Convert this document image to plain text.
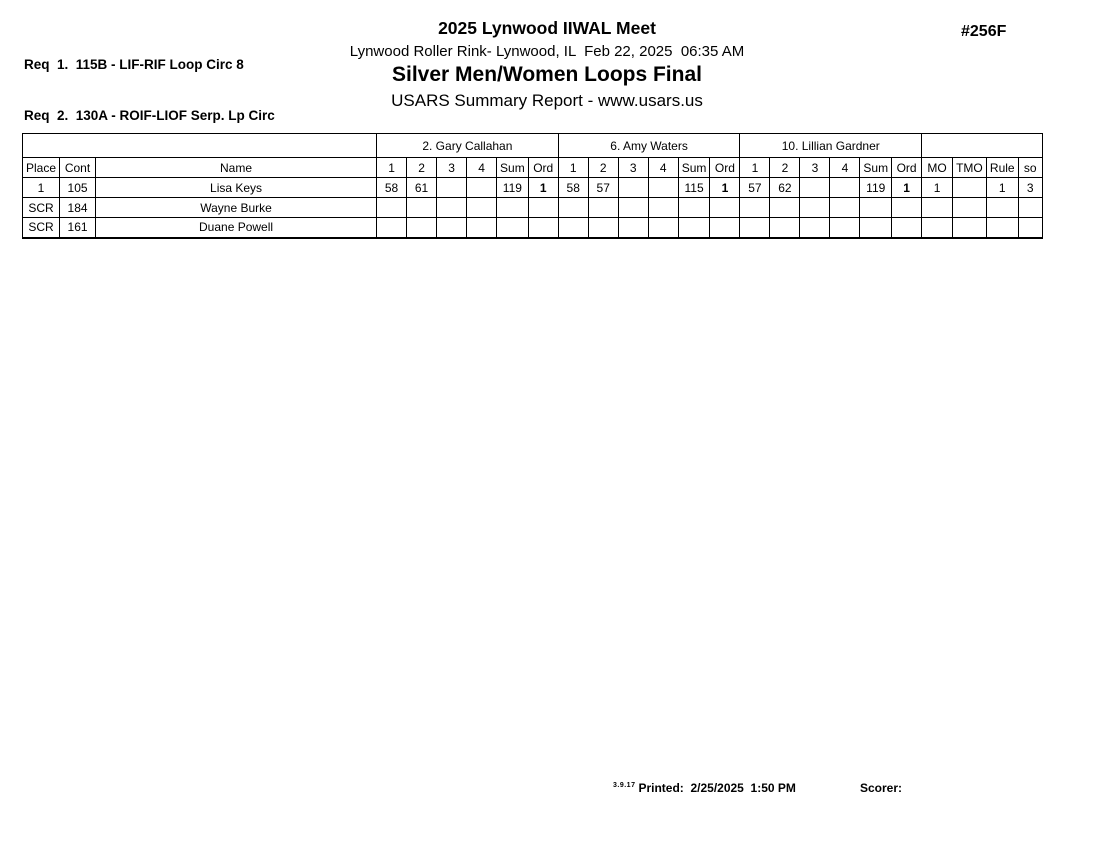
Req  1.  115B - LIF-RIF Loop Circ 8

Req  2.  130A - ROIF-LIOF Serp. Lp Circ

2025 Lynwood IIWAL Meet
Lynwood Roller Rink- Lynwood, IL  Feb 22, 2025  06:35 AM
Silver Men/Women Loops Final
USARS Summary Report - www.usars.us
#256F
			2. Gary Callahan						6. Amy Waters						10. Lillian Gardner									
Place	Cont	Name	1	2	3	4	Sum	Ord	1	2	3	4	Sum	Ord	1	2	3	4	Sum	Ord	MO	TMO	Rule	so
1	105	Lisa Keys	58	61			119	1	58	57			115	1	57	62			119	1	1		1	3
SCR	184	Wayne Burke																						
SCR	161	Duane Powell																						
$^{3.9.17}$ Printed:  2/25/2025  1:50 PM	Scorer:
